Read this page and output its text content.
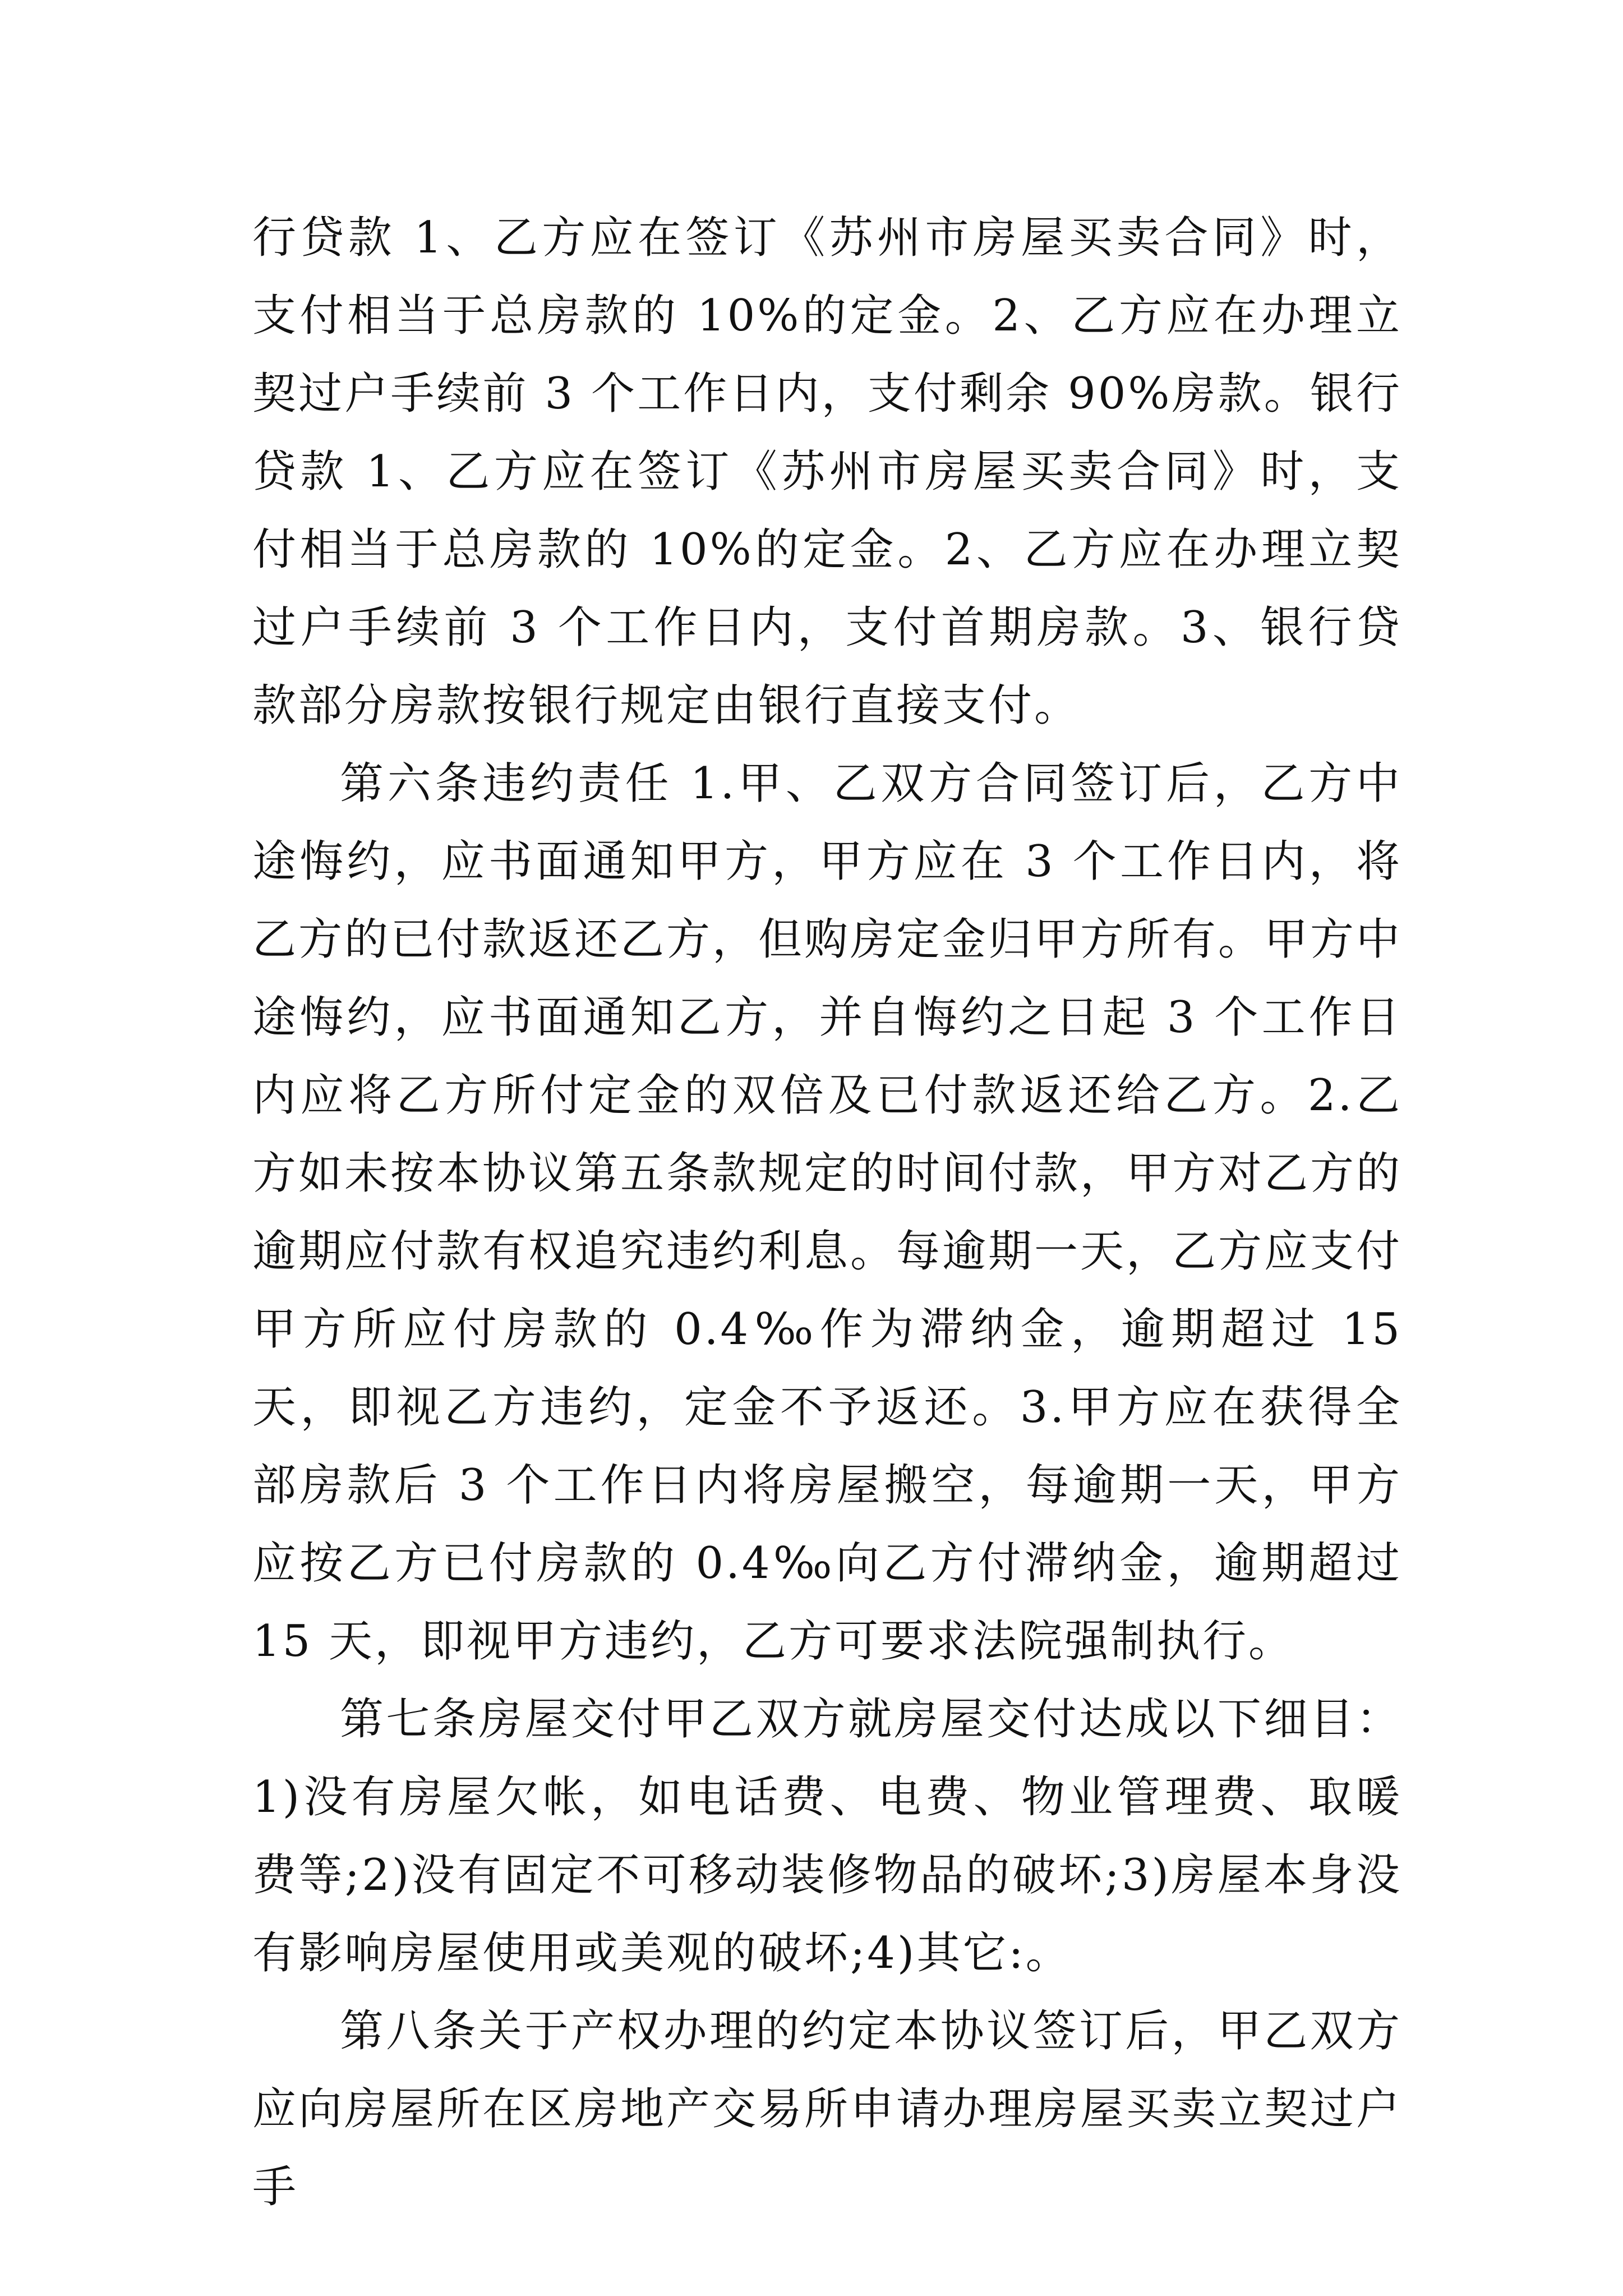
行贷款 1、乙方应在签订《苏州市房屋买卖合同》时，支付相当于总房款的 10%的定金。2、乙方应在办理立契过户手续前 3 个工作日内，支付剩余 90%房款。银行贷款 1、乙方应在签订《苏州市房屋买卖合同》时，支付相当于总房款的 10%的定金。2、乙方应在办理立契过户手续前 3 个工作日内，支付首期房款。3、银行贷款部分房款按银行规定由银行直接支付。

第六条违约责任 1.甲、乙双方合同签订后，乙方中途悔约，应书面通知甲方，甲方应在 3 个工作日内，将乙方的已付款返还乙方，但购房定金归甲方所有。甲方中途悔约，应书面通知乙方，并自悔约之日起 3 个工作日内应将乙方所付定金的双倍及已付款返还给乙方。2.乙方如未按本协议第五条款规定的时间付款，甲方对乙方的逾期应付款有权追究违约利息。每逾期一天，乙方应支付甲方所应付房款的 0.4‰作为滞纳金，逾期超过 15 天，即视乙方违约，定金不予返还。3.甲方应在获得全部房款后 3 个工作日内将房屋搬空，每逾期一天，甲方应按乙方已付房款的 0.4‰向乙方付滞纳金，逾期超过 15 天，即视甲方违约，乙方可要求法院强制执行。

第七条房屋交付甲乙双方就房屋交付达成以下细目：1)没有房屋欠帐，如电话费、电费、物业管理费、取暖费等;2)没有固定不可移动装修物品的破坏;3)房屋本身没有影响房屋使用或美观的破坏;4)其它:。

第八条关于产权办理的约定本协议签订后，甲乙双方应向房屋所在区房地产交易所申请办理房屋买卖立契过户手
